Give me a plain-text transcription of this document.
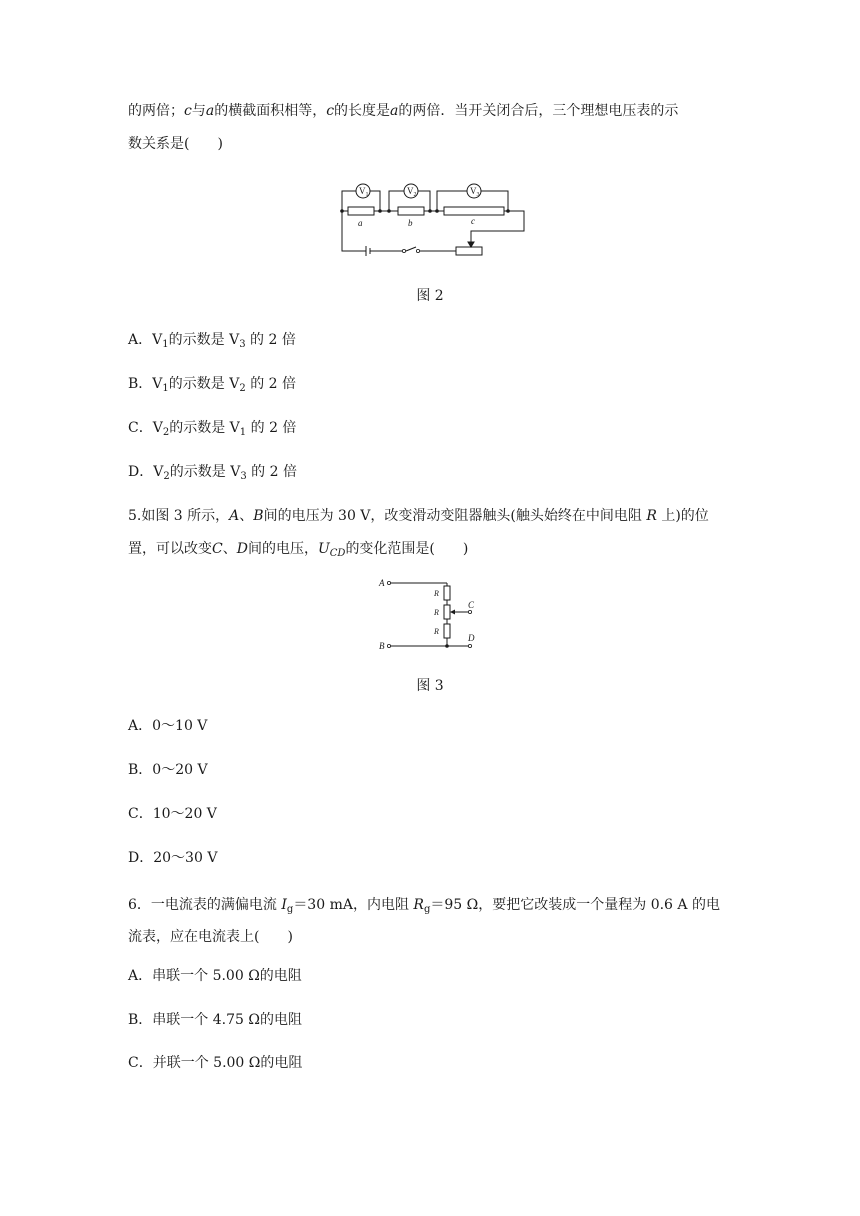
的两倍；c与a的横截面积相等，c的长度是a的两倍．当开关闭合后，三个理想电压表的示
数关系是(　　)
$V_1$	$V_2$	$V_3$
a	b	c
图 2
A．$V_1$的示数是 $V_3$ 的 2 倍
B．$V_1$的示数是 $V_2$ 的 2 倍
C．$V_2$的示数是 $V_1$ 的 2 倍
D．$V_2$的示数是 $V_3$ 的 2 倍
5.如图 3 所示，A、B间的电压为 30 V，改变滑动变阻器触头(触头始终在中间电阻 R 上)的位
置，可以改变C、D间的电压，$U_{CD}$的变化范围是(　　)
A
B
R
R
R
C
D
图 3
A．0～10 V
B．0～20 V
C．10～20 V
D．20～30 V
6．一电流表的满偏电流 $I_g=30$ mA，内电阻 $R_g=95$ Ω，要把它改装成一个量程为 0.6 A 的电
流表，应在电流表上(　　)
A．串联一个 5.00 Ω的电阻
B．串联一个 4.75 Ω的电阻
C．并联一个 5.00 Ω的电阻
